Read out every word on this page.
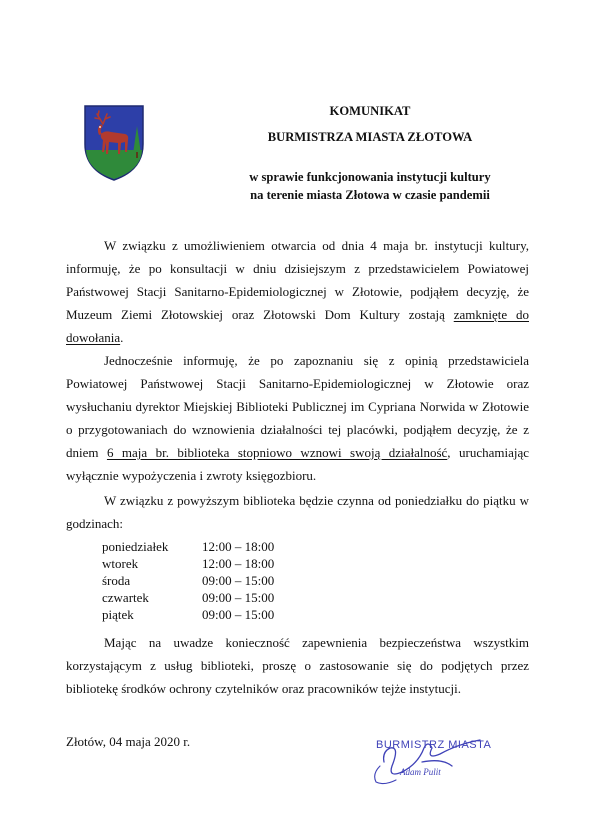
KOMUNIKAT
BURMISTRZA MIASTA ZŁOTOWA
w sprawie funkcjonowania instytucji kultury
na terenie miasta Złotowa w czasie pandemii

W związku z umożliwieniem otwarcia od dnia 4 maja br. instytucji kultury, informuję, że po konsultacji w dniu dzisiejszym z przedstawicielem Powiatowej Państwowej Stacji Sanitarno-Epidemiologicznej w Złotowie, podjąłem decyzję, że Muzeum Ziemi Złotowskiej oraz Złotowski Dom Kultury zostają zamknięte do dowołania.

Jednocześnie informuję, że po zapoznaniu się z opinią przedstawiciela Powiatowej Państwowej Stacji Sanitarno-Epidemiologicznej w Złotowie oraz wysłuchaniu dyrektor Miejskiej Biblioteki Publicznej im Cypriana Norwida w Złotowie o przygotowaniach do wznowienia działalności tej placówki, podjąłem decyzję, że z dniem 6 maja br. biblioteka stopniowo wznowi swoją działalność, uruchamiając wyłącznie wypożyczenia i zwroty księgozbioru.

W związku z powyższym biblioteka będzie czynna od poniedziałku do piątku w godzinach:

poniedziałek	12:00 – 18:00
wtorek	12:00 – 18:00
środa	09:00 – 15:00
czwartek	09:00 – 15:00
piątek	09:00 – 15:00

Mając na uwadze konieczność zapewnienia bezpieczeństwa wszystkim korzystającym z usług biblioteki, proszę o zastosowanie się do podjętych przez bibliotekę środków ochrony czytelników oraz pracowników tejże instytucji.

Złotów, 04 maja 2020 r.	BURMISTRZ MIASTA
Adam Pulit
